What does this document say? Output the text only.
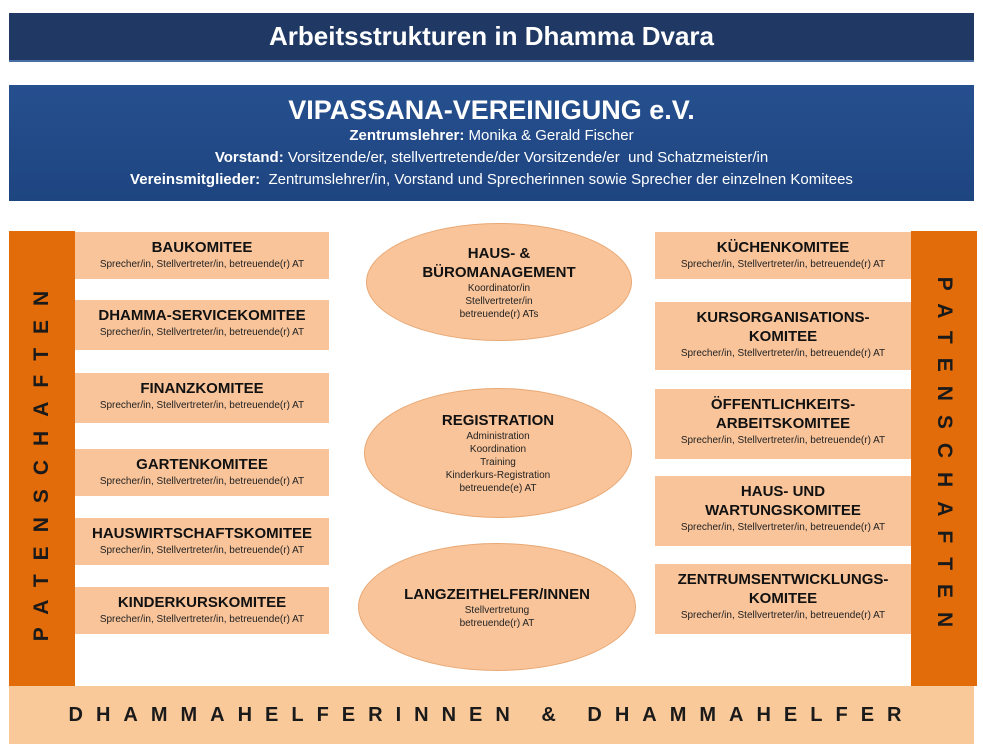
Arbeitsstrukturen in Dhamma Dvara
VIPASSANA-VEREINIGUNG e.V.
Zentrumslehrer: Monika & Gerald Fischer
Vorstand: Vorsitzende/er, stellvertretende/der Vorsitzende/er  und Schatzmeister/in
Vereinsmitglieder:  Zentrumslehrer/in, Vorstand und Sprecherinnen sowie Sprecher der einzelnen Komitees
PATENSCHAFTEN	PATENSCHAFTEN
BAUKOMITEE
Sprecher/in, Stellvertreter/in, betreuende(r) AT
DHAMMA-SERVICEKOMITEE
Sprecher/in, Stellvertreter/in, betreuende(r) AT
FINANZKOMITEE
Sprecher/in, Stellvertreter/in, betreuende(r) AT
GARTENKOMITEE
Sprecher/in, Stellvertreter/in, betreuende(r) AT
HAUSWIRTSCHAFTSKOMITEE
Sprecher/in, Stellvertreter/in, betreuende(r) AT
KINDERKURSKOMITEE
Sprecher/in, Stellvertreter/in, betreuende(r) AT
HAUS- &
BÜROMANAGEMENT
Koordinator/in
Stellvertreter/in
betreuende(r) ATs
REGISTRATION
Administration
Koordination
Training
Kinderkurs-Registration
betreuende(e) AT
LANGZEITHELFER/INNEN
Stellvertretung
betreuende(r) AT
KÜCHENKOMITEE
Sprecher/in, Stellvertreter/in, betreuende(r) AT
KURSORGANISATIONS-
KOMITEE
Sprecher/in, Stellvertreter/in, betreuende(r) AT
ÖFFENTLICHKEITS-
ARBEITSKOMITEE
Sprecher/in, Stellvertreter/in, betreuende(r) AT
HAUS- UND
WARTUNGSKOMITEE
Sprecher/in, Stellvertreter/in, betreuende(r) AT
ZENTRUMSENTWICKLUNGS-
KOMITEE
Sprecher/in, Stellvertreter/in, betreuende(r) AT
DHAMMAHELFERINNEN & DHAMMAHELFER
